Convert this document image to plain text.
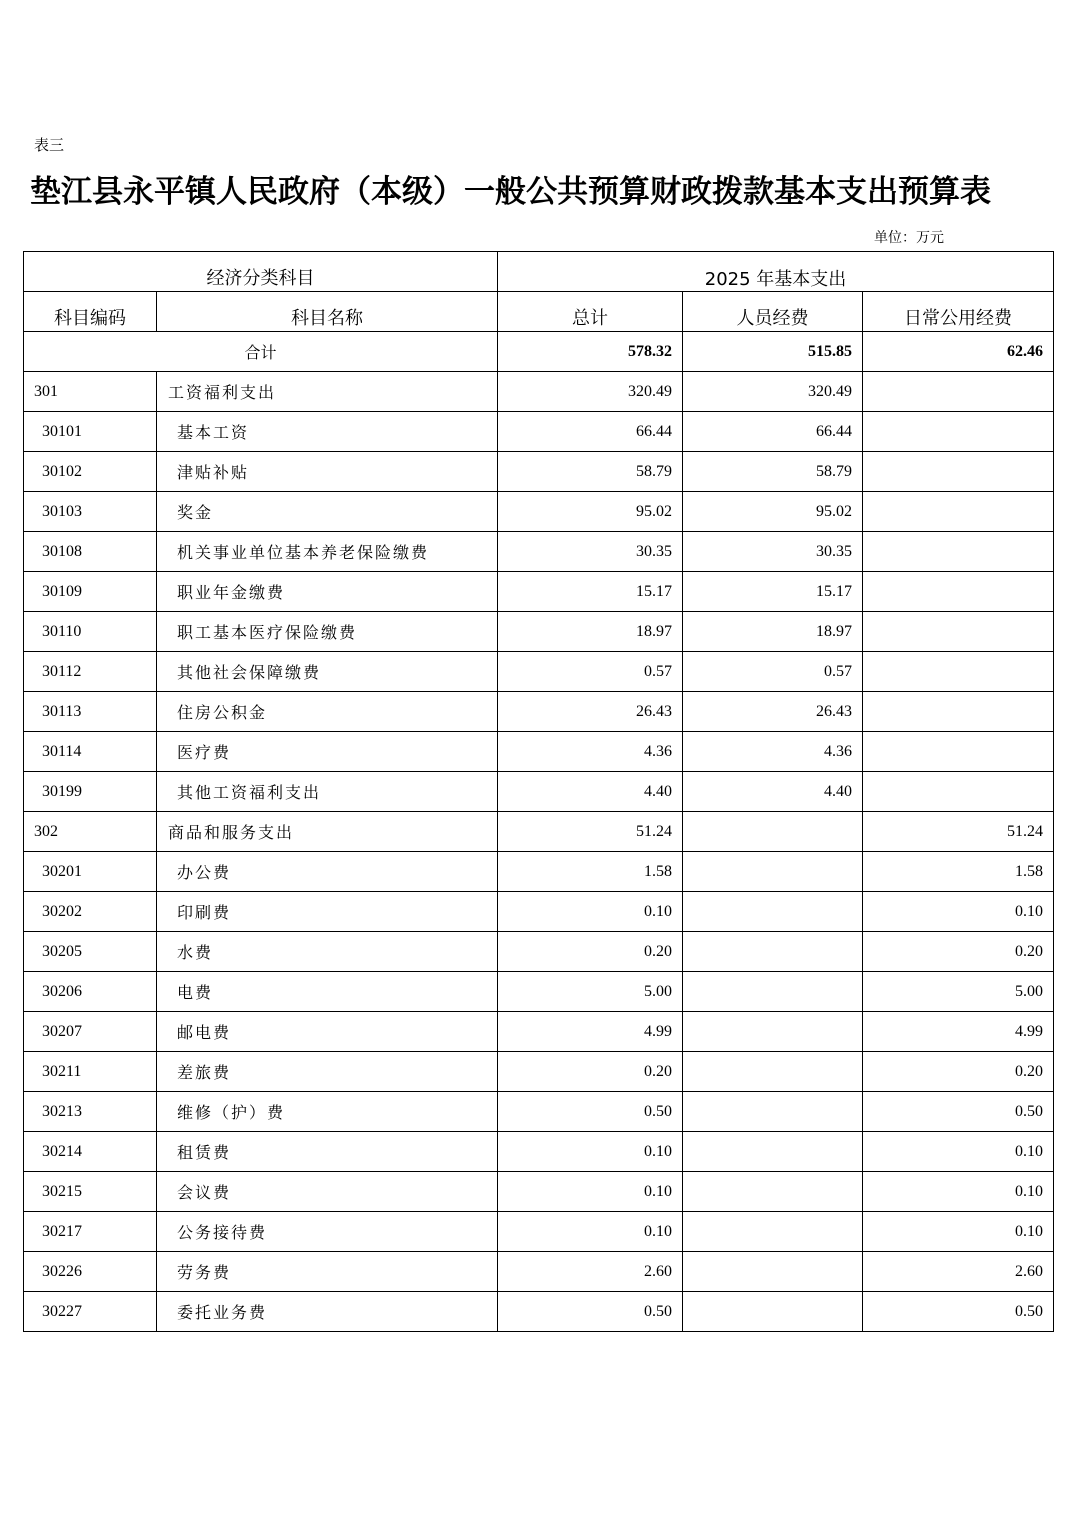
表三
垫江县永平镇人民政府（本级）一般公共预算财政拨款基本支出预算表
单位：万元
经济分类科目		2025 年基本支出		
科目编码	科目名称	总计	人员经费	日常公用经费
合计		578.32	515.85	62.46
301	工资福利支出	320.49	320.49	
30101	基本工资	66.44	66.44	
30102	津贴补贴	58.79	58.79	
30103	奖金	95.02	95.02	
30108	机关事业单位基本养老保险缴费	30.35	30.35	
30109	职业年金缴费	15.17	15.17	
30110	职工基本医疗保险缴费	18.97	18.97	
30112	其他社会保障缴费	0.57	0.57	
30113	住房公积金	26.43	26.43	
30114	医疗费	4.36	4.36	
30199	其他工资福利支出	4.40	4.40	
302	商品和服务支出	51.24		51.24
30201	办公费	1.58		1.58
30202	印刷费	0.10		0.10
30205	水费	0.20		0.20
30206	电费	5.00		5.00
30207	邮电费	4.99		4.99
30211	差旅费	0.20		0.20
30213	维修（护）费	0.50		0.50
30214	租赁费	0.10		0.10
30215	会议费	0.10		0.10
30217	公务接待费	0.10		0.10
30226	劳务费	2.60		2.60
30227	委托业务费	0.50		0.50
